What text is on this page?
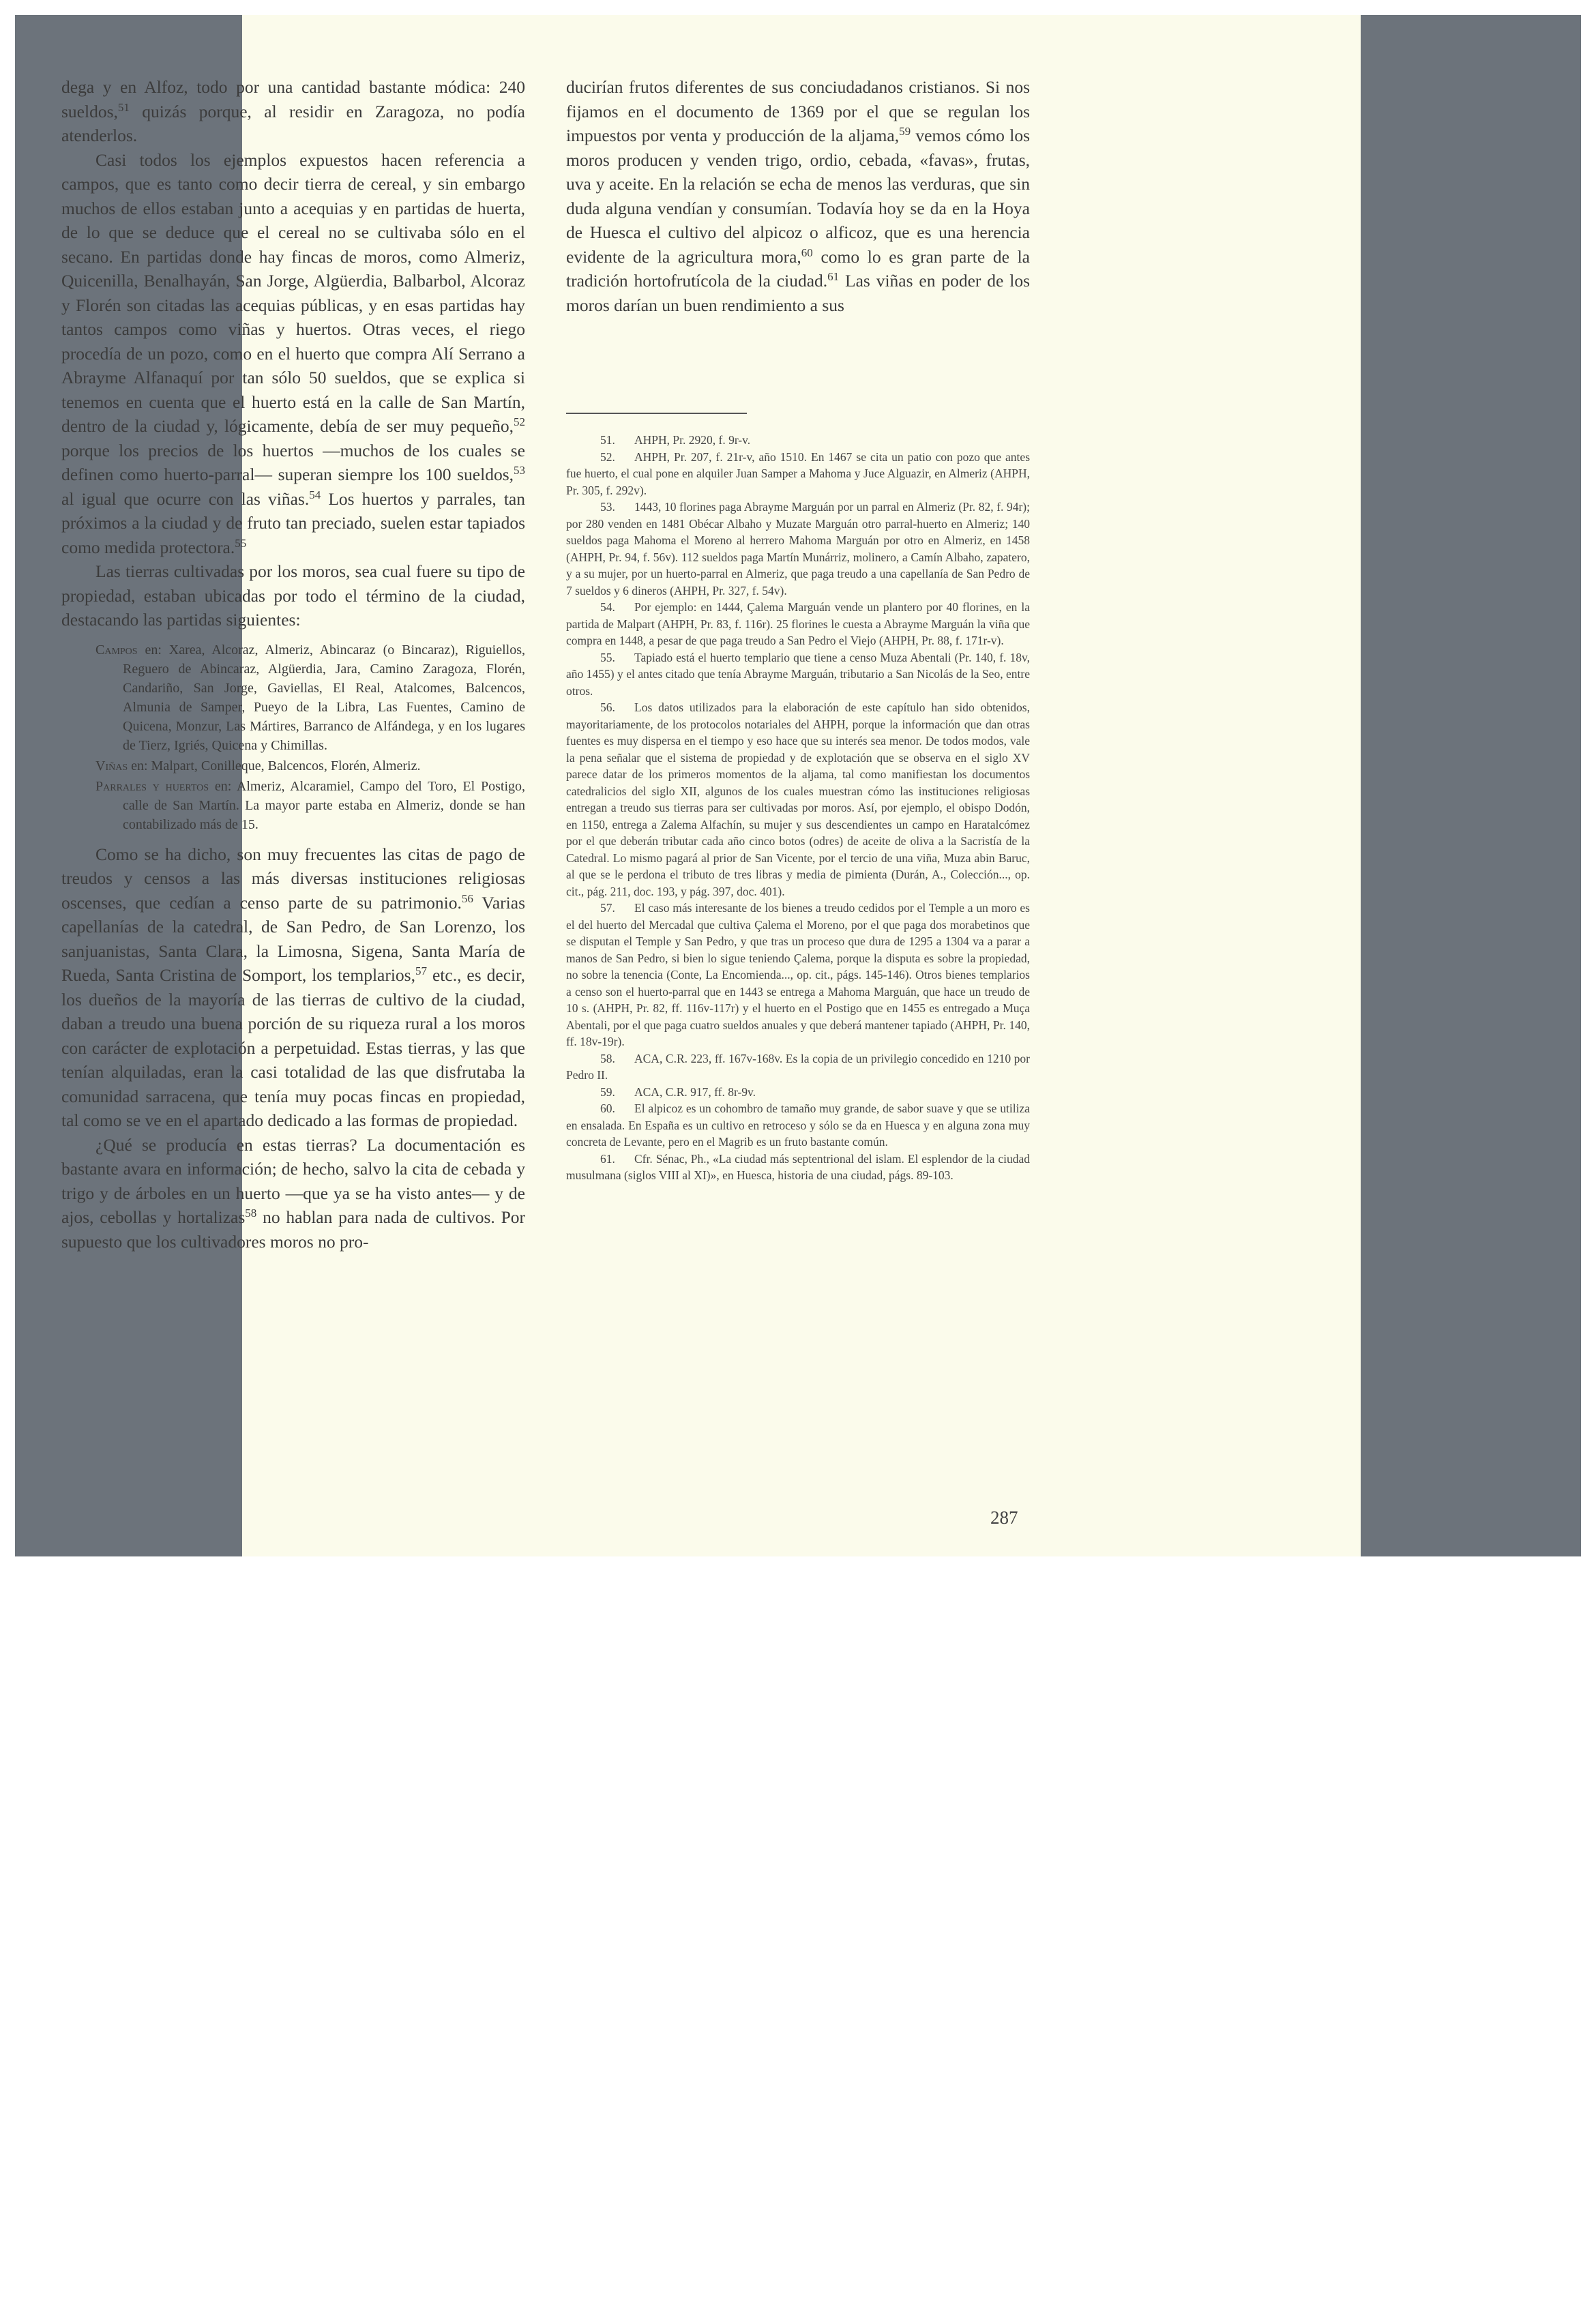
dega y en Alfoz, todo por una cantidad bastante módica: 240 sueldos,$^{51}$ quizás porque, al residir en Zaragoza, no podía atenderlos.

Casi todos los ejemplos expuestos hacen referencia a campos, que es tanto como decir tierra de cereal, y sin embargo muchos de ellos estaban junto a acequias y en partidas de huerta, de lo que se deduce que el cereal no se cultivaba sólo en el secano. En partidas donde hay fincas de moros, como Almeriz, Quicenilla, Benalhayán, San Jorge, Algüerdia, Balbarbol, Alcoraz y Florén son citadas las acequias públicas, y en esas partidas hay tantos campos como viñas y huertos. Otras veces, el riego procedía de un pozo, como en el huerto que compra Alí Serrano a Abrayme Alfanaquí por tan sólo 50 sueldos, que se explica si tenemos en cuenta que el huerto está en la calle de San Martín, dentro de la ciudad y, lógicamente, debía de ser muy pequeño,$^{52}$ porque los precios de los huertos —muchos de los cuales se definen como huerto-parral— superan siempre los 100 sueldos,$^{53}$ al igual que ocurre con las viñas.$^{54}$ Los huertos y parrales, tan próximos a la ciudad y de fruto tan preciado, suelen estar tapiados como medida protectora.$^{55}$

Las tierras cultivadas por los moros, sea cual fuere su tipo de propiedad, estaban ubicadas por todo el término de la ciudad, destacando las partidas siguientes:

Campos en: Xarea, Alcoraz, Almeriz, Abincaraz (o Bincaraz), Riguiellos, Reguero de Abincaraz, Algüerdia, Jara, Camino Zaragoza, Florén, Candariño, San Jorge, Gaviellas, El Real, Atalcomes, Balcencos, Almunia de Samper, Pueyo de la Libra, Las Fuentes, Camino de Quicena, Monzur, Las Mártires, Barranco de Alfándega, y en los lugares de Tierz, Igriés, Quicena y Chimillas.

Viñas en: Malpart, Conilleque, Balcencos, Florén, Almeriz.

Parrales y huertos en: Almeriz, Alcaramiel, Campo del Toro, El Postigo, calle de San Martín. La mayor parte estaba en Almeriz, donde se han contabilizado más de 15.

Como se ha dicho, son muy frecuentes las citas de pago de treudos y censos a las más diversas instituciones religiosas oscenses, que cedían a censo parte de su patrimonio.$^{56}$ Varias capellanías de la catedral, de San Pedro, de San Lorenzo, los sanjuanistas, Santa Clara, la Limosna, Sigena, Santa María de Rueda, Santa Cristina de Somport, los templarios,$^{57}$ etc., es decir, los dueños de la mayoría de las tierras de cultivo de la ciudad, daban a treudo una buena porción de su riqueza rural a los moros con carácter de explotación a perpetuidad. Estas tierras, y las que tenían alquiladas, eran la casi totalidad de las que disfrutaba la comunidad sarracena, que tenía muy pocas fincas en propiedad, tal como se ve en el apartado dedicado a las formas de propiedad.

¿Qué se producía en estas tierras? La documentación es bastante avara en información; de hecho, salvo la cita de cebada y trigo y de árboles en un huerto —que ya se ha visto antes— y de ajos, cebollas y hortalizas$^{58}$ no hablan para nada de cultivos. Por supuesto que los cultivadores moros no pro-

ducirían frutos diferentes de sus conciudadanos cristianos. Si nos fijamos en el documento de 1369 por el que se regulan los impuestos por venta y producción de la aljama,$^{59}$ vemos cómo los moros producen y venden trigo, ordio, cebada, «favas», frutas, uva y aceite. En la relación se echa de menos las verduras, que sin duda alguna vendían y consumían. Todavía hoy se da en la Hoya de Huesca el cultivo del alpicoz o alficoz, que es una herencia evidente de la agricultura mora,$^{60}$ como lo es gran parte de la tradición hortofrutícola de la ciudad.$^{61}$ Las viñas en poder de los moros darían un buen rendimiento a sus

51. AHPH, Pr. 2920, f. 9r-v.

52. AHPH, Pr. 207, f. 21r-v, año 1510. En 1467 se cita un patio con pozo que antes fue huerto, el cual pone en alquiler Juan Samper a Mahoma y Juce Alguazir, en Almeriz (AHPH, Pr. 305, f. 292v).

53. 1443, 10 florines paga Abrayme Marguán por un parral en Almeriz (Pr. 82, f. 94r); por 280 venden en 1481 Obécar Albaho y Muzate Marguán otro parral-huerto en Almeriz; 140 sueldos paga Mahoma el Moreno al herrero Mahoma Marguán por otro en Almeriz, en 1458 (AHPH, Pr. 94, f. 56v). 112 sueldos paga Martín Munárriz, molinero, a Camín Albaho, zapatero, y a su mujer, por un huerto-parral en Almeriz, que paga treudo a una capellanía de San Pedro de 7 sueldos y 6 dineros (AHPH, Pr. 327, f. 54v).

54. Por ejemplo: en 1444, Çalema Marguán vende un plantero por 40 florines, en la partida de Malpart (AHPH, Pr. 83, f. 116r). 25 florines le cuesta a Abrayme Marguán la viña que compra en 1448, a pesar de que paga treudo a San Pedro el Viejo (AHPH, Pr. 88, f. 171r-v).

55. Tapiado está el huerto templario que tiene a censo Muza Abentali (Pr. 140, f. 18v, año 1455) y el antes citado que tenía Abrayme Marguán, tributario a San Nicolás de la Seo, entre otros.

56. Los datos utilizados para la elaboración de este capítulo han sido obtenidos, mayoritariamente, de los protocolos notariales del AHPH, porque la información que dan otras fuentes es muy dispersa en el tiempo y eso hace que su interés sea menor. De todos modos, vale la pena señalar que el sistema de propiedad y de explotación que se observa en el siglo XV parece datar de los primeros momentos de la aljama, tal como manifiestan los documentos catedralicios del siglo XII, algunos de los cuales muestran cómo las instituciones religiosas entregan a treudo sus tierras para ser cultivadas por moros. Así, por ejemplo, el obispo Dodón, en 1150, entrega a Zalema Alfachín, su mujer y sus descendientes un campo en Haratalcómez por el que deberán tributar cada año cinco botos (odres) de aceite de oliva a la Sacristía de la Catedral. Lo mismo pagará al prior de San Vicente, por el tercio de una viña, Muza abin Baruc, al que se le perdona el tributo de tres libras y media de pimienta (Durán, A., Colección..., op. cit., pág. 211, doc. 193, y pág. 397, doc. 401).

57. El caso más interesante de los bienes a treudo cedidos por el Temple a un moro es el del huerto del Mercadal que cultiva Çalema el Moreno, por el que paga dos morabetinos que se disputan el Temple y San Pedro, y que tras un proceso que dura de 1295 a 1304 va a parar a manos de San Pedro, si bien lo sigue teniendo Çalema, porque la disputa es sobre la propiedad, no sobre la tenencia (Conte, La Encomienda..., op. cit., págs. 145-146). Otros bienes templarios a censo son el huerto-parral que en 1443 se entrega a Mahoma Marguán, que hace un treudo de 10 s. (AHPH, Pr. 82, ff. 116v-117r) y el huerto en el Postigo que en 1455 es entregado a Muça Abentali, por el que paga cuatro sueldos anuales y que deberá mantener tapiado (AHPH, Pr. 140, ff. 18v-19r).

58. ACA, C.R. 223, ff. 167v-168v. Es la copia de un privilegio concedido en 1210 por Pedro II.

59. ACA, C.R. 917, ff. 8r-9v.

60. El alpicoz es un cohombro de tamaño muy grande, de sabor suave y que se utiliza en ensalada. En España es un cultivo en retroceso y sólo se da en Huesca y en alguna zona muy concreta de Levante, pero en el Magrib es un fruto bastante común.

61. Cfr. Sénac, Ph., «La ciudad más septentrional del islam. El esplendor de la ciudad musulmana (siglos VIII al XI)», en Huesca, historia de una ciudad, págs. 89-103.

287
